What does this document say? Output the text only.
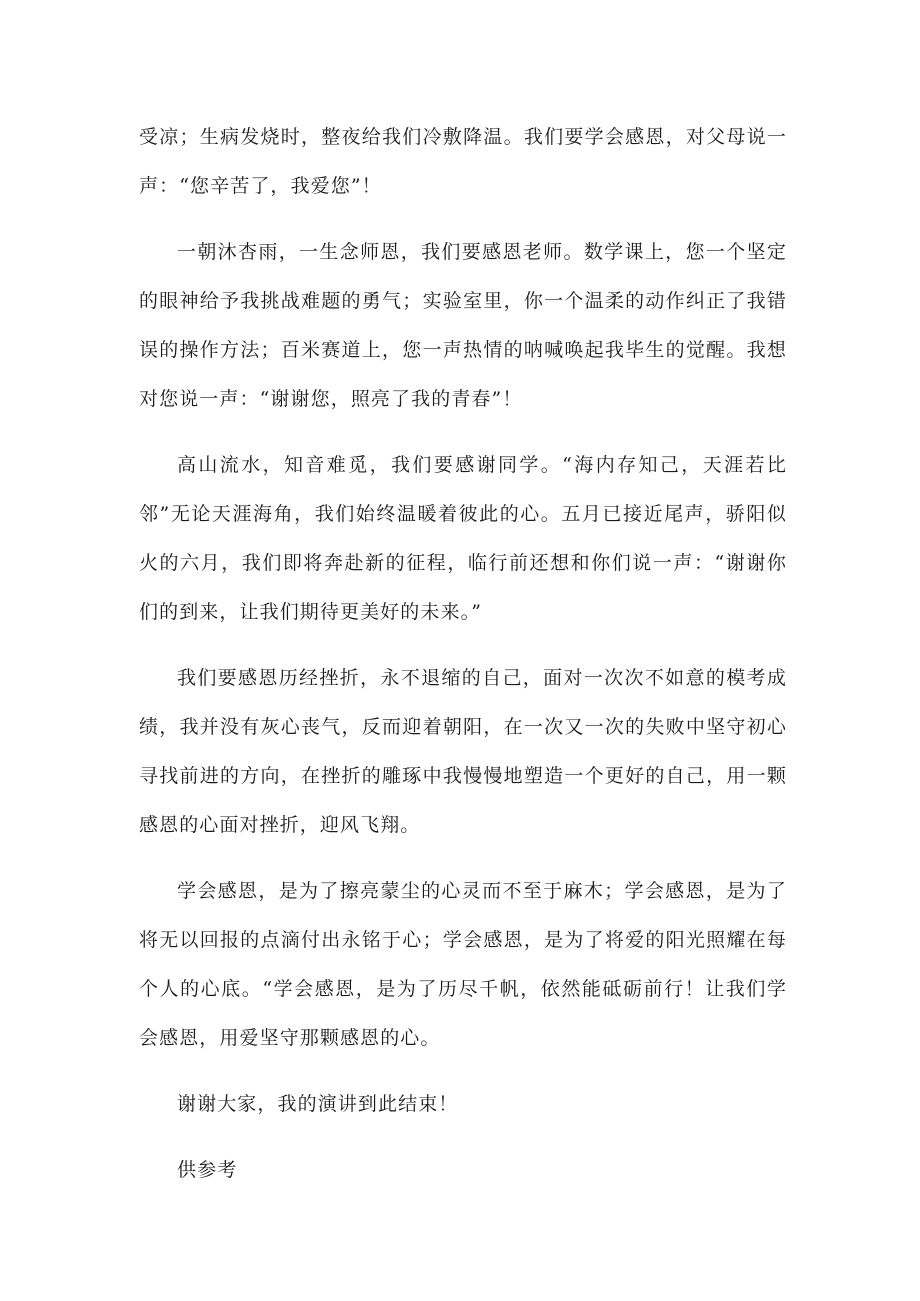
受凉；生病发烧时，整夜给我们冷敷降温。我们要学会感恩，对父母说一声：“您辛苦了，我爱您”！

一朝沐杏雨，一生念师恩，我们要感恩老师。数学课上，您一个坚定的眼神给予我挑战难题的勇气；实验室里，你一个温柔的动作纠正了我错误的操作方法；百米赛道上，您一声热情的呐喊唤起我毕生的觉醒。我想对您说一声：“谢谢您，照亮了我的青春”！

高山流水，知音难觅，我们要感谢同学。“海内存知己，天涯若比邻”无论天涯海角，我们始终温暖着彼此的心。五月已接近尾声，骄阳似火的六月，我们即将奔赴新的征程，临行前还想和你们说一声：“谢谢你们的到来，让我们期待更美好的未来。”

我们要感恩历经挫折，永不退缩的自己，面对一次次不如意的模考成绩，我并没有灰心丧气，反而迎着朝阳，在一次又一次的失败中坚守初心寻找前进的方向，在挫折的雕琢中我慢慢地塑造一个更好的自己，用一颗感恩的心面对挫折，迎风飞翔。

学会感恩，是为了擦亮蒙尘的心灵而不至于麻木；学会感恩，是为了将无以回报的点滴付出永铭于心；学会感恩，是为了将爱的阳光照耀在每个人的心底。“学会感恩，是为了历尽千帆，依然能砥砺前行！让我们学会感恩，用爱坚守那颗感恩的心。

谢谢大家，我的演讲到此结束！

供参考
